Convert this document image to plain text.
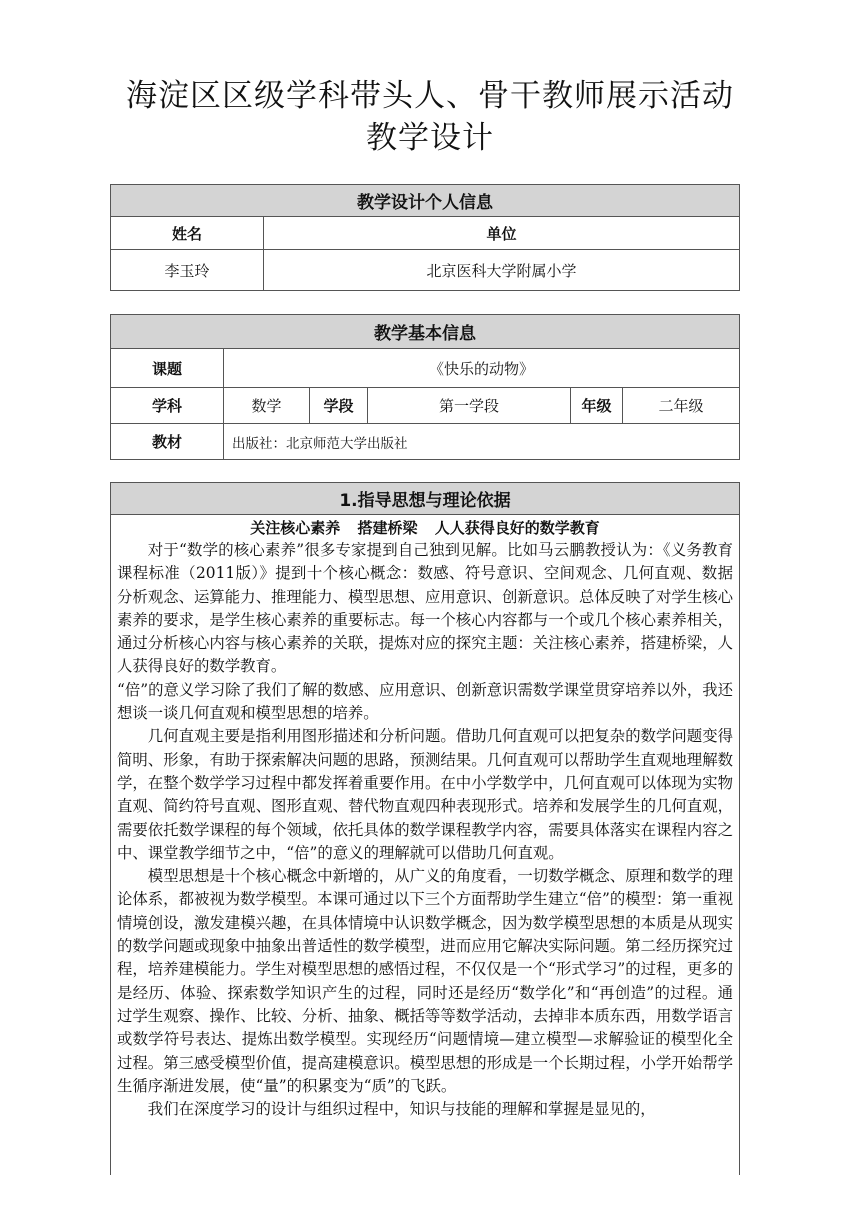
海淀区区级学科带头人、骨干教师展示活动
教学设计
教学设计个人信息	
姓名	单位
李玉玲	北京医科大学附属小学
教学基本信息					
课题	《快乐的动物》				
学科	数学	学段	第一学段	年级	二年级
教材	出版社：北京师范大学出版社				
1.指导思想与理论依据

关注核心素养 搭建桥梁 人人获得良好的数学教育

对于“数学的核心素养”很多专家提到自己独到见解。比如马云鹏教授认为：《义务教育课程标准（2011版）》提到十个核心概念：数感、符号意识、空间观念、几何直观、数据分析观念、运算能力、推理能力、模型思想、应用意识、创新意识。总体反映了对学生核心素养的要求，是学生核心素养的重要标志。每一个核心内容都与一个或几个核心素养相关，通过分析核心内容与核心素养的关联，提炼对应的探究主题：关注核心素养，搭建桥梁，人人获得良好的数学教育。

“倍”的意义学习除了我们了解的数感、应用意识、创新意识需数学课堂贯穿培养以外，我还想谈一谈几何直观和模型思想的培养。

几何直观主要是指利用图形描述和分析问题。借助几何直观可以把复杂的数学问题变得简明、形象，有助于探索解决问题的思路，预测结果。几何直观可以帮助学生直观地理解数学，在整个数学学习过程中都发挥着重要作用。在中小学数学中，几何直观可以体现为实物直观、简约符号直观、图形直观、替代物直观四种表现形式。培养和发展学生的几何直观，需要依托数学课程的每个领域，依托具体的数学课程教学内容，需要具体落实在课程内容之中、课堂教学细节之中，“倍”的意义的理解就可以借助几何直观。

模型思想是十个核心概念中新增的，从广义的角度看，一切数学概念、原理和数学的理论体系，都被视为数学模型。本课可通过以下三个方面帮助学生建立“倍”的模型：第一重视情境创设，激发建模兴趣，在具体情境中认识数学概念，因为数学模型思想的本质是从现实的数学问题或现象中抽象出普适性的数学模型，进而应用它解决实际问题。第二经历探究过程，培养建模能力。学生对模型思想的感悟过程，不仅仅是一个“形式学习”的过程，更多的是经历、体验、探索数学知识产生的过程，同时还是经历“数学化”和“再创造”的过程。通过学生观察、操作、比较、分析、抽象、概括等等数学活动，去掉非本质东西，用数学语言或数学符号表达、提炼出数学模型。实现经历“问题情境—建立模型—求解验证的模型化全过程。第三感受模型价值，提高建模意识。模型思想的形成是一个长期过程，小学开始帮学生循序渐进发展，使“量”的积累变为“质”的飞跃。

我们在深度学习的设计与组织过程中，知识与技能的理解和掌握是显见的，
